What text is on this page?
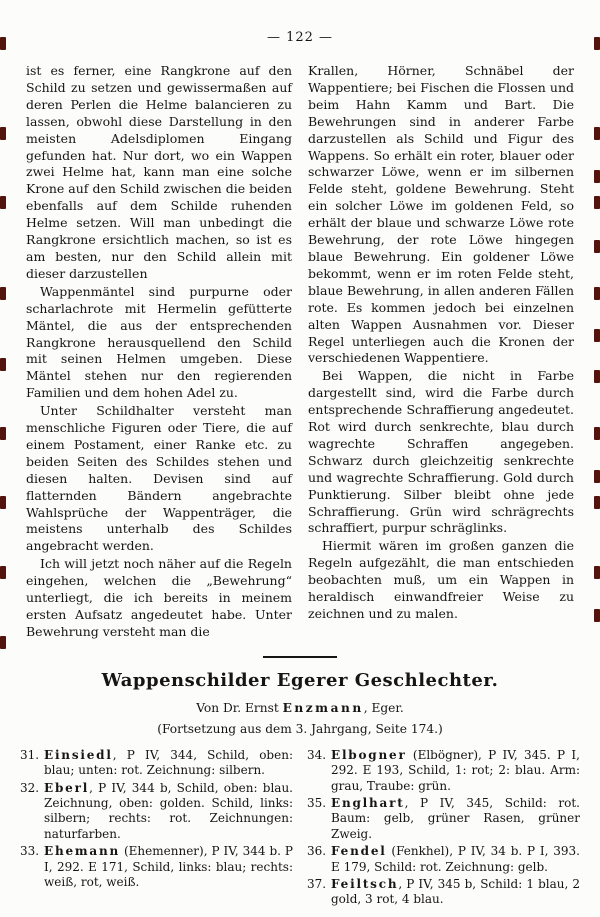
— 122 —

ist es ferner, eine Rangkrone auf den Schild zu setzen und gewissermaßen auf deren Perlen die Helme balancieren zu lassen, obwohl diese Darstellung in den meisten Adelsdiplomen Eingang gefunden hat. Nur dort, wo ein Wappen zwei Helme hat, kann man eine solche Krone auf den Schild zwischen die beiden ebenfalls auf dem Schilde ruhenden Helme setzen. Will man unbedingt die Rangkrone ersichtlich machen, so ist es am besten, nur den Schild allein mit dieser darzustellen

Wappenmäntel sind purpurne oder scharlachrote mit Hermelin gefütterte Mäntel, die aus der entsprechenden Rangkrone herausquellend den Schild mit seinen Helmen umgeben. Diese Mäntel stehen nur den regierenden Familien und dem hohen Adel zu.

Unter Schildhalter versteht man menschliche Figuren oder Tiere, die auf einem Postament, einer Ranke etc. zu beiden Seiten des Schildes stehen und diesen halten. Devisen sind auf flatternden Bändern angebrachte Wahlsprüche der Wappenträger, die meistens unterhalb des Schildes angebracht werden.

Ich will jetzt noch näher auf die Regeln eingehen, welchen die „Bewehrung“ unterliegt, die ich bereits in meinem ersten Aufsatz angedeutet habe. Unter Bewehrung versteht man die

Krallen, Hörner, Schnäbel der Wappentiere; bei Fischen die Flossen und beim Hahn Kamm und Bart. Die Bewehrungen sind in anderer Farbe darzustellen als Schild und Figur des Wappens. So erhält ein roter, blauer oder schwarzer Löwe, wenn er im silbernen Felde steht, goldene Bewehrung. Steht ein solcher Löwe im goldenen Feld, so erhält der blaue und schwarze Löwe rote Bewehrung, der rote Löwe hingegen blaue Bewehrung. Ein goldener Löwe bekommt, wenn er im roten Felde steht, blaue Bewehrung, in allen anderen Fällen rote. Es kommen jedoch bei einzelnen alten Wappen Ausnahmen vor. Dieser Regel unterliegen auch die Kronen der verschiedenen Wappentiere.

Bei Wappen, die nicht in Farbe dargestellt sind, wird die Farbe durch entsprechende Schraffierung angedeutet. Rot wird durch senkrechte, blau durch wagrechte Schraffen angegeben. Schwarz durch gleichzeitig senkrechte und wagrechte Schraffierung. Gold durch Punktierung. Silber bleibt ohne jede Schraffierung. Grün wird schrägrechts schraffiert, purpur schräglinks.

Hiermit wären im großen ganzen die Regeln aufgezählt, die man entschieden beobachten muß, um ein Wappen in heraldisch einwandfreier Weise zu zeichnen und zu malen.

Wappenschilder Egerer Geschlechter.
Von Dr. Ernst Enzmann, Eger.
(Fortsetzung aus dem 3. Jahrgang, Seite 174.)
31. Einsiedl, P IV, 344, Schild, oben: blau; unten: rot. Zeichnung: silbern.
32. Eberl, P IV, 344 b, Schild, oben: blau. Zeichnung, oben: golden. Schild, links: silbern; rechts: rot. Zeichnungen: naturfarben.
33. Ehemann (Ehemenner), P IV, 344 b. P I, 292. E 171, Schild, links: blau; rechts: weiß, rot, weiß.
34. Elbogner (Elbögner), P IV, 345. P I, 292. E 193, Schild, 1: rot; 2: blau. Arm: grau, Traube: grün.
35. Englhart, P IV, 345, Schild: rot. Baum: gelb, grüner Rasen, grüner Zweig.
36. Fendel (Fenkhel), P IV, 34 b. P I, 393. E 179, Schild: rot. Zeichnung: gelb.
37. Feiltsch, P IV, 345 b, Schild: 1 blau, 2 gold, 3 rot, 4 blau.
